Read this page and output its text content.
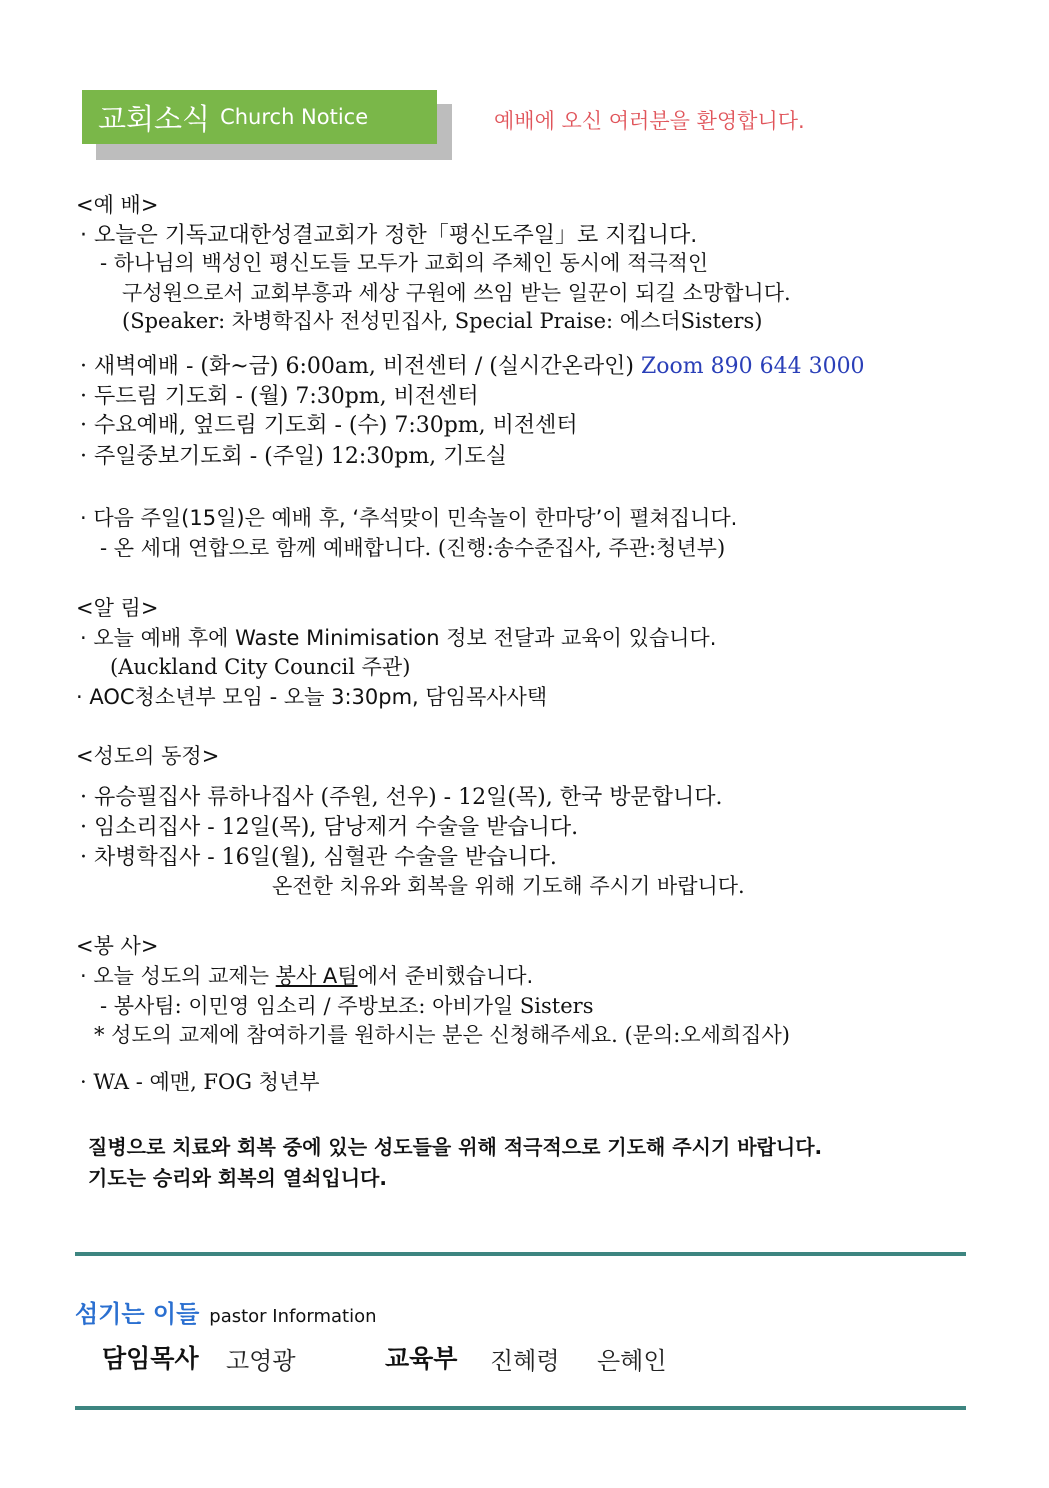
교회소식 Church Notice	예배에 오신 여러분을 환영합니다.
<예 배>
· 오늘은 기독교대한성결교회가 정한「평신도주일」로 지킵니다.
- 하나님의 백성인 평신도들 모두가 교회의 주체인 동시에 적극적인
구성원으로서 교회부흥과 세상 구원에 쓰임 받는 일꾼이 되길 소망합니다.
(Speaker: 차병학집사 전성민집사, Special Praise: 에스더Sisters)
· 새벽예배 - (화~금) 6:00am, 비전센터 / (실시간온라인) Zoom 890 644 3000
· 두드림 기도회 - (월) 7:30pm, 비전센터
· 수요예배, 엎드림 기도회 - (수) 7:30pm, 비전센터
· 주일중보기도회 - (주일) 12:30pm, 기도실
· 다음 주일(15일)은 예배 후, ‘추석맞이 민속놀이 한마당’이 펼쳐집니다.
- 온 세대 연합으로 함께 예배합니다. (진행:송수준집사, 주관:청년부)
<알 림>
· 오늘 예배 후에 Waste Minimisation 정보 전달과 교육이 있습니다.
(Auckland City Council 주관)
· AOC청소년부 모임 - 오늘 3:30pm, 담임목사사택
<성도의 동정>
· 유승필집사 류하나집사 (주원, 선우) - 12일(목), 한국 방문합니다.
· 임소리집사 - 12일(목), 담낭제거 수술을 받습니다.
· 차병학집사 - 16일(월), 심혈관 수술을 받습니다.
온전한 치유와 회복을 위해 기도해 주시기 바랍니다.
<봉 사>
· 오늘 성도의 교제는 봉사 A팀에서 준비했습니다.
- 봉사팀: 이민영 임소리 / 주방보조: 아비가일 Sisters
* 성도의 교제에 참여하기를 원하시는 분은 신청해주세요. (문의:오세희집사)
· WA - 예맨, FOG 청년부
질병으로 치료와 회복 중에 있는 성도들을 위해 적극적으로 기도해 주시기 바랍니다.
기도는 승리와 회복의 열쇠입니다.
섬기는 이들 pastor Information
담임목사 고영광	교육부 진혜령 은혜인
